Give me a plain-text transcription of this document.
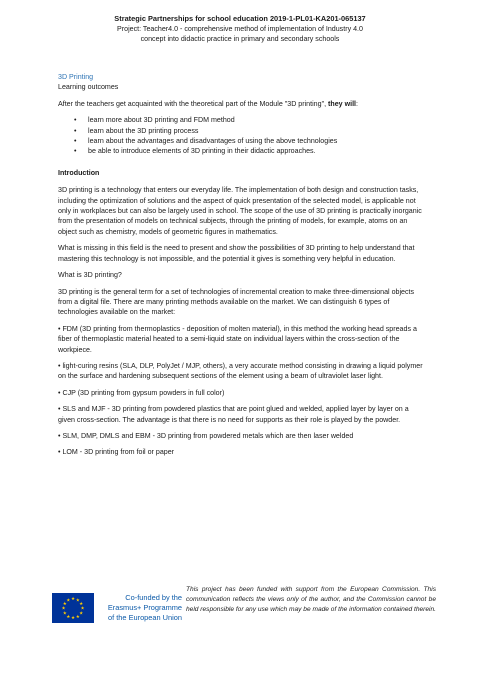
Strategic Partnerships for school education 2019-1-PL01-KA201-065137
Project: Teacher4.0 - comprehensive method of implementation of Industry 4.0
concept into didactic practice in primary and secondary schools

3D Printing

Learning outcomes

After the teachers get acquainted with the theoretical part of the Module "3D printing", they will:

• learn more about 3D printing and FDM method
• learn about the 3D printing process
• learn about the advantages and disadvantages of using the above technologies
• be able to introduce elements of 3D printing in their didactic approaches.

Introduction

3D printing is a technology that enters our everyday life. The implementation of both design and construction tasks, including the optimization of solutions and the aspect of quick presentation of the selected model, is applicable not only in workplaces but can also be largely used in school. The scope of the use of 3D printing is practically inorganic from the presentation of models on technical subjects, through the printing of models, for example, atoms on an object such as chemistry, models of geometric figures in mathematics.

What is missing in this field is the need to present and show the possibilities of 3D printing to help understand that mastering this technology is not impossible, and the potential it gives is something very helpful in education.

What is 3D printing?

3D printing is the general term for a set of technologies of incremental creation to make three-dimensional objects from a digital file. There are many printing methods available on the market. We can distinguish 6 types of technologies available on the market:

• FDM (3D printing from thermoplastics - deposition of molten material), in this method the working head spreads a fiber of thermoplastic material heated to a semi-liquid state on individual layers within the cross-section of the workpiece.

• light-curing resins (SLA, DLP, PolyJet / MJP, others), a very accurate method consisting in drawing a liquid polymer on the surface and hardening subsequent sections of the element using a beam of ultraviolet laser light.

• CJP (3D printing from gypsum powders in full color)

• SLS and MJF - 3D printing from powdered plastics that are point glued and welded, applied layer by layer on a given cross-section. The advantage is that there is no need for supports as their role is played by the powder.

• SLM, DMP, DMLS and EBM - 3D printing from powdered metals which are then laser welded

• LOM - 3D printing from foil or paper

★ ★
★
★
★
★
★
★
★
★
★
★	Co-funded by the
Erasmus+ Programme
of the European Union
This project has been funded with support from the European Commission. This communication reflects the views only of the author, and the Commission cannot be held responsible for any use which may be made of the information contained therein.
